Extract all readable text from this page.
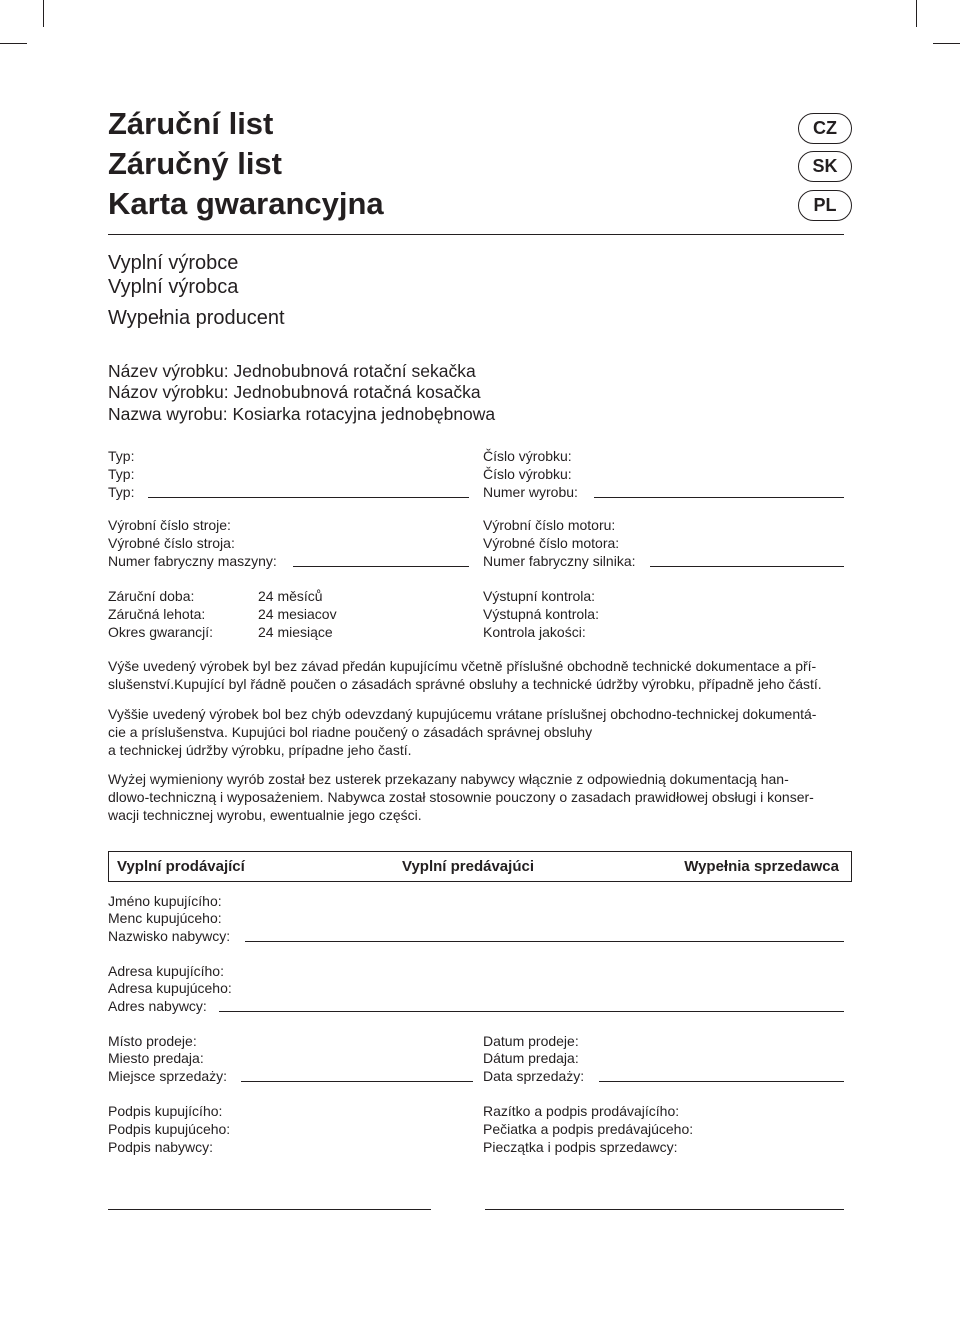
Záruční list
Záručný list
Karta gwarancyjna
CZ
SK
PL
Vyplní výrobce
Vyplní výrobca
Wypełnia producent
Název výrobku: Jednobubnová rotační sekačka
Názov výrobku: Jednobubnová rotačná kosačka
Nazwa wyrobu: Kosiarka rotacyjna jednobębnowa
Typ:
Typ:
Typ:
Číslo výrobku:
Číslo výrobku:
Numer wyrobu:
Výrobní číslo stroje:
Výrobné číslo stroja:
Numer fabryczny maszyny:
Výrobní číslo motoru:
Výrobné číslo motora:
Numer fabryczny silnika:
Záruční doba:
Záručná lehota:
Okres gwarancjí:
24 měsíců
24 mesiacov
24 miesiące
Výstupní kontrola:
Výstupná kontrola:
Kontrola jakości:
Výše uvedený výrobek byl bez závad předán kupujícímu včetně příslušné obchodně technické dokumentace a pří-
slušenství.Kupující byl řádně poučen o zásadách správné obsluhy a technické údržby výrobku, případně jeho částí.
Vyššie uvedený výrobek bol bez chýb odevzdaný kupujúcemu vrátane príslušnej obchodno-technickej dokumentá-
cie a príslušenstva. Kupujúci bol riadne poučený o zásadách správnej obsluhy
a technickej údržby výrobku, prípadne jeho častí.
Wyżej wymieniony wyrób został bez usterek przekazany nabywcy włącznie z odpowiednią dokumentacją han-
dlowo-techniczną i wyposażeniem. Nabywca został stosownie pouczony o zasadach prawidłowej obsługi i konser-
wacji technicznej wyrobu, ewentualnie jego części.
Vyplní prodávající	Vyplní predávajúci	Wypełnia sprzedawca
Jméno kupujícího:
Menc kupujúceho:
Nazwisko nabywcy:
Adresa kupujícího:
Adresa kupujúceho:
Adres nabywcy:
Místo prodeje:
Miesto predaja:
Miejsce sprzedaży:
Datum prodeje:
Dátum predaja:
Data sprzedaży:
Podpis kupujícího:
Podpis kupujúceho:
Podpis nabywcy:
Razítko a podpis prodávajícího:
Pečiatka a podpis predávajúceho:
Pieczątka i podpis sprzedawcy:
